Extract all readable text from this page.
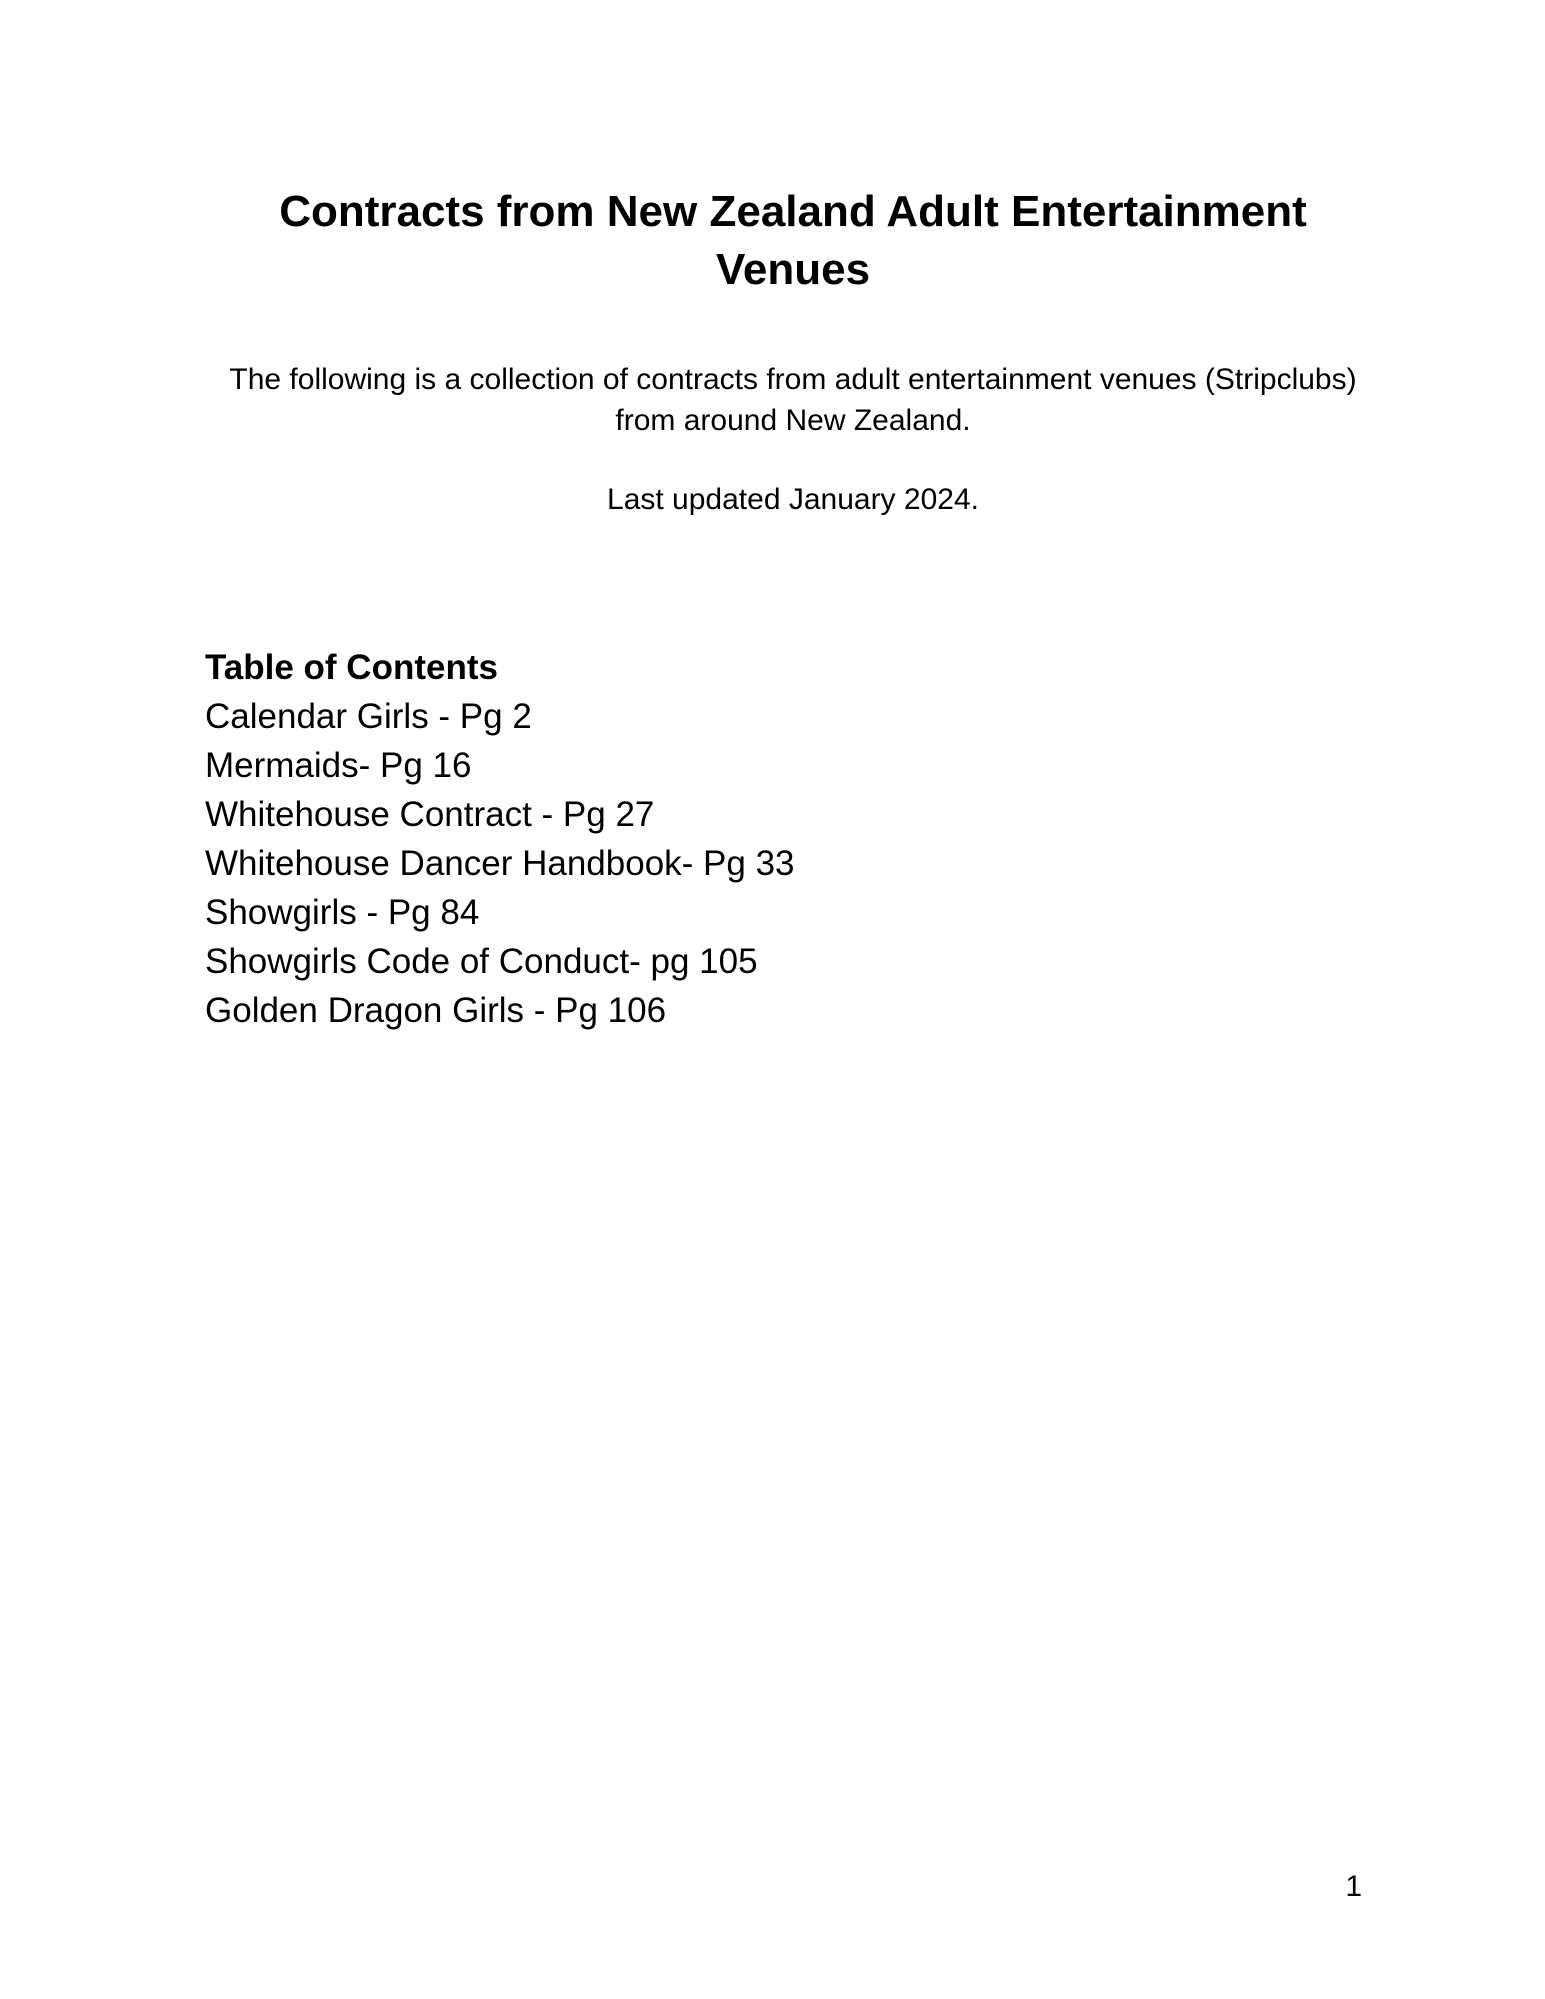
Contracts from New Zealand Adult Entertainment Venues

The following is a collection of contracts from adult entertainment venues (Stripclubs) from around New Zealand.

Last updated January 2024.

Table of Contents
Calendar Girls - Pg 2
Mermaids- Pg 16
Whitehouse Contract - Pg 27
Whitehouse Dancer Handbook- Pg 33
Showgirls - Pg 84
Showgirls Code of Conduct- pg 105
Golden Dragon Girls - Pg 106
1
